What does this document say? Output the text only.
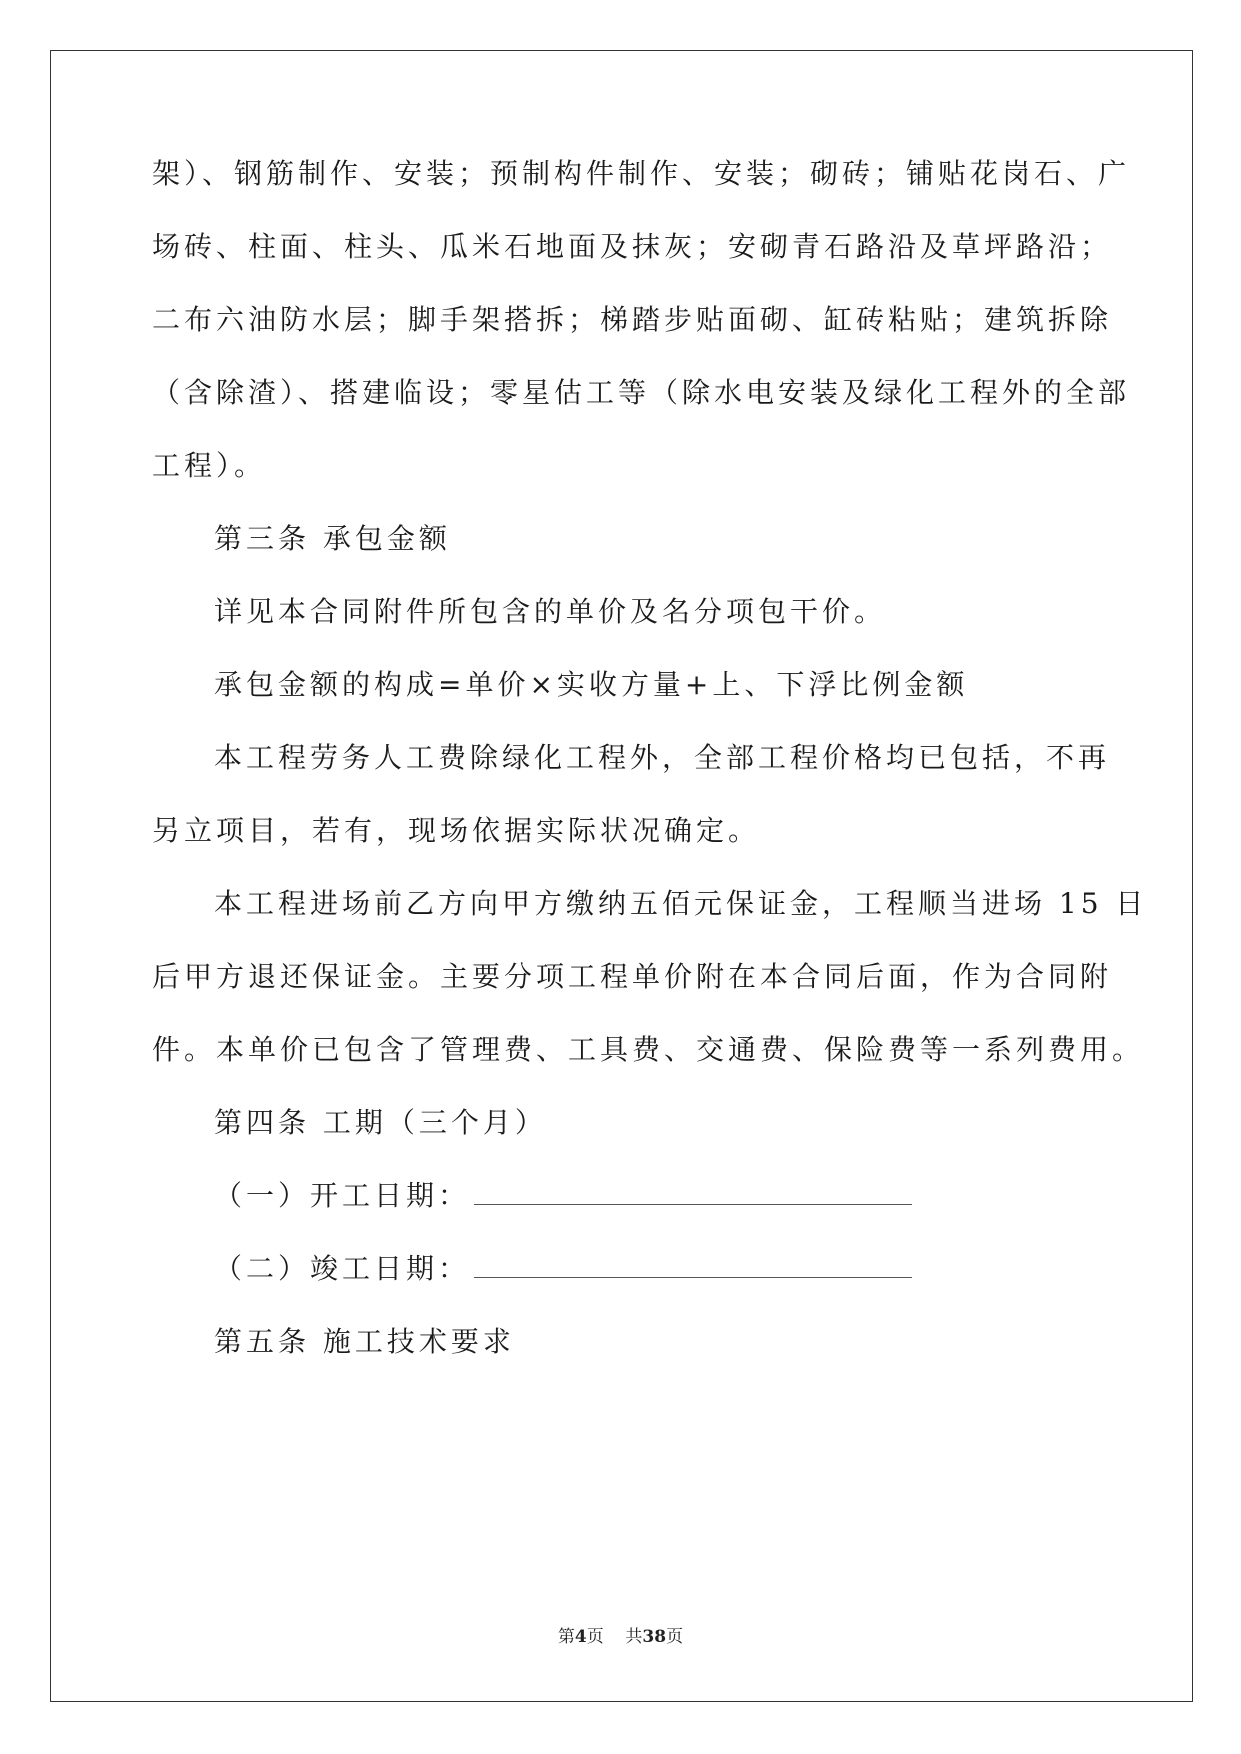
架）、钢筋制作、安装；预制构件制作、安装；砌砖；铺贴花岗石、广
场砖、柱面、柱头、瓜米石地面及抹灰；安砌青石路沿及草坪路沿；
二布六油防水层；脚手架搭拆；梯踏步贴面砌、缸砖粘贴；建筑拆除
（含除渣）、搭建临设；零星估工等（除水电安装及绿化工程外的全部
工程）。
第三条 承包金额
详见本合同附件所包含的单价及名分项包干价。
承包金额的构成=单价×实收方量+上、下浮比例金额
本工程劳务人工费除绿化工程外，全部工程价格均已包括，不再
另立项目，若有，现场依据实际状况确定。
本工程进场前乙方向甲方缴纳五佰元保证金，工程顺当进场 15 日
后甲方退还保证金。主要分项工程单价附在本合同后面，作为合同附
件。本单价已包含了管理费、工具费、交通费、保险费等一系列费用。
第四条 工期（三个月）
（一）开工日期：
（二）竣工日期：
第五条 施工技术要求
第4页 共38页
